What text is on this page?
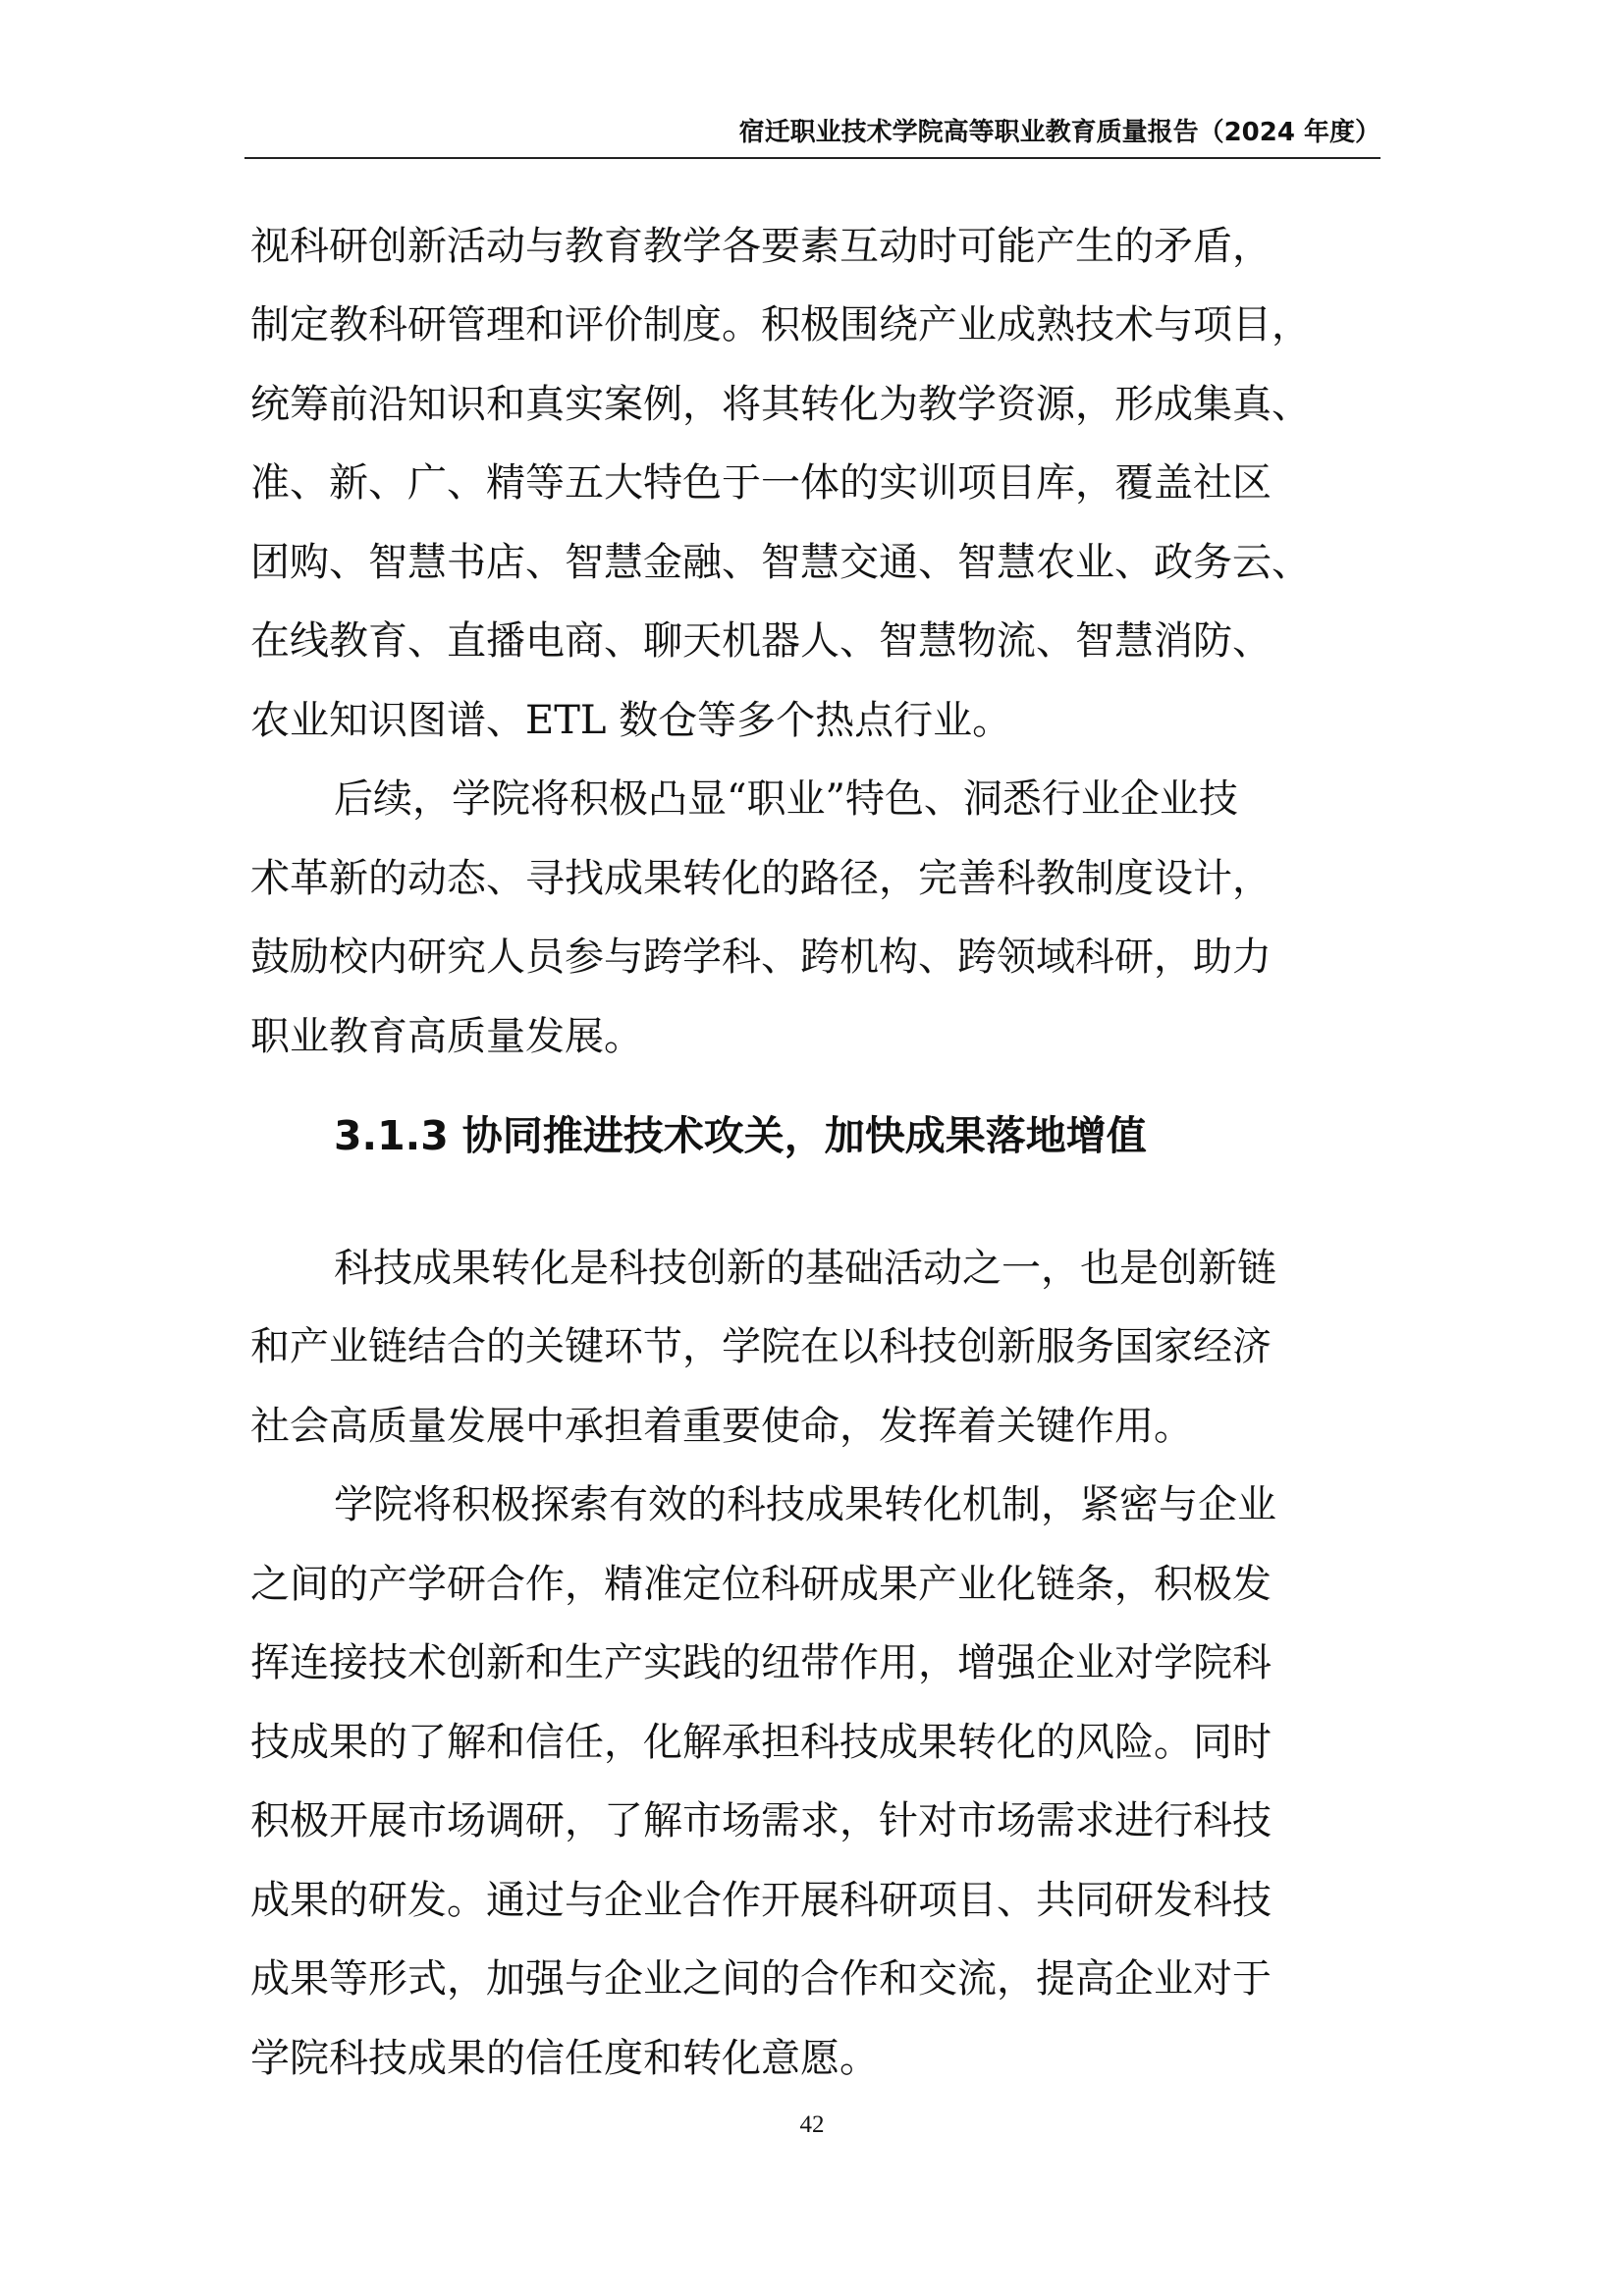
宿迁职业技术学院高等职业教育质量报告（2024 年度）
视科研创新活动与教育教学各要素互动时可能产生的矛盾，
制定教科研管理和评价制度。积极围绕产业成熟技术与项目，
统筹前沿知识和真实案例，将其转化为教学资源，形成集真、
准、新、广、精等五大特色于一体的实训项目库，覆盖社区
团购、智慧书店、智慧金融、智慧交通、智慧农业、政务云、
在线教育、直播电商、聊天机器人、智慧物流、智慧消防、
农业知识图谱、ETL 数仓等多个热点行业。
后续，学院将积极凸显“职业”特色、洞悉行业企业技
术革新的动态、寻找成果转化的路径，完善科教制度设计，
鼓励校内研究人员参与跨学科、跨机构、跨领域科研，助力
职业教育高质量发展。
3.1.3 协同推进技术攻关，加快成果落地增值
科技成果转化是科技创新的基础活动之一，也是创新链
和产业链结合的关键环节，学院在以科技创新服务国家经济
社会高质量发展中承担着重要使命，发挥着关键作用。
学院将积极探索有效的科技成果转化机制，紧密与企业
之间的产学研合作，精准定位科研成果产业化链条，积极发
挥连接技术创新和生产实践的纽带作用，增强企业对学院科
技成果的了解和信任，化解承担科技成果转化的风险。同时
积极开展市场调研，了解市场需求，针对市场需求进行科技
成果的研发。通过与企业合作开展科研项目、共同研发科技
成果等形式，加强与企业之间的合作和交流，提高企业对于
学院科技成果的信任度和转化意愿。
42
